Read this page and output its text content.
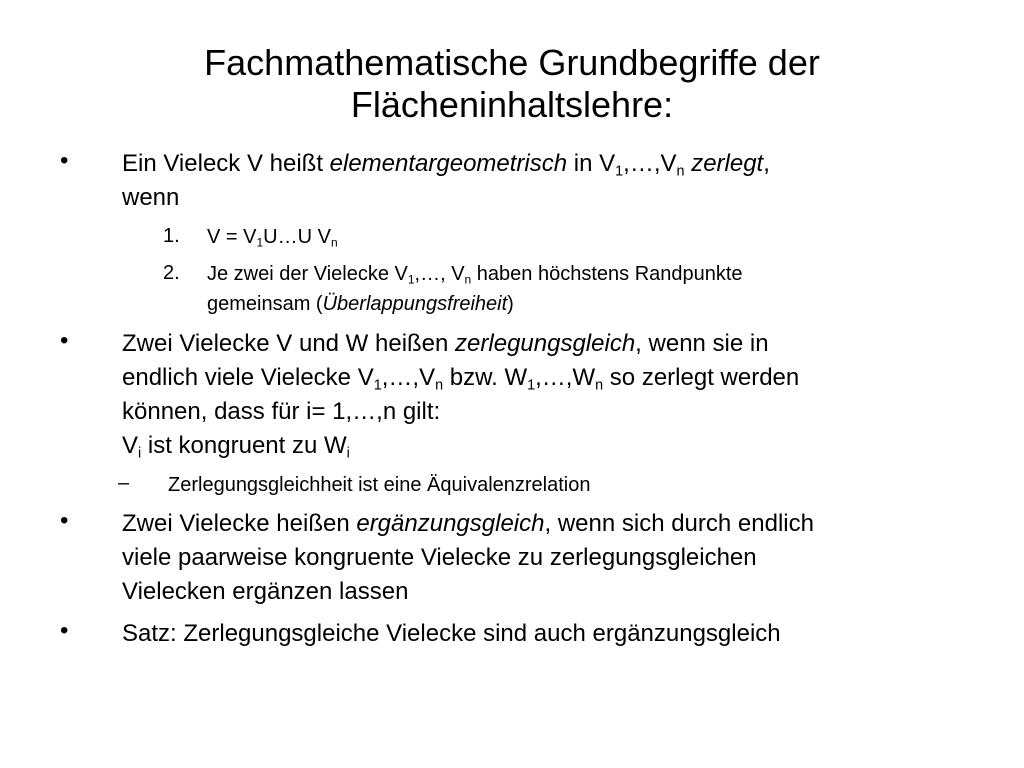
Fachmathematische Grundbegriffe der
Flächeninhaltslehre:
• Ein Vieleck V heißt elementargeometrisch in $V_1,\dots,V_n$ zerlegt,
wenn
1. $V = V_1U\dots U$ $V_n$
2. Je zwei der Vielecke $V_1,\dots$, $V_n$ haben höchstens Randpunkte
gemeinsam (Überlappungsfreiheit)
• Zwei Vielecke V und W heißen zerlegungsgleich, wenn sie in
endlich viele Vielecke $V_1,\dots,V_n$ bzw. $W_1,\dots,W_n$ so zerlegt werden
können, dass für i= 1,…,n gilt:
$V_i$ ist kongruent zu $W_i$
– Zerlegungsgleichheit ist eine Äquivalenzrelation
• Zwei Vielecke heißen ergänzungsgleich, wenn sich durch endlich
viele paarweise kongruente Vielecke zu zerlegungsgleichen
Vielecken ergänzen lassen
• Satz: Zerlegungsgleiche Vielecke sind auch ergänzungsgleich
